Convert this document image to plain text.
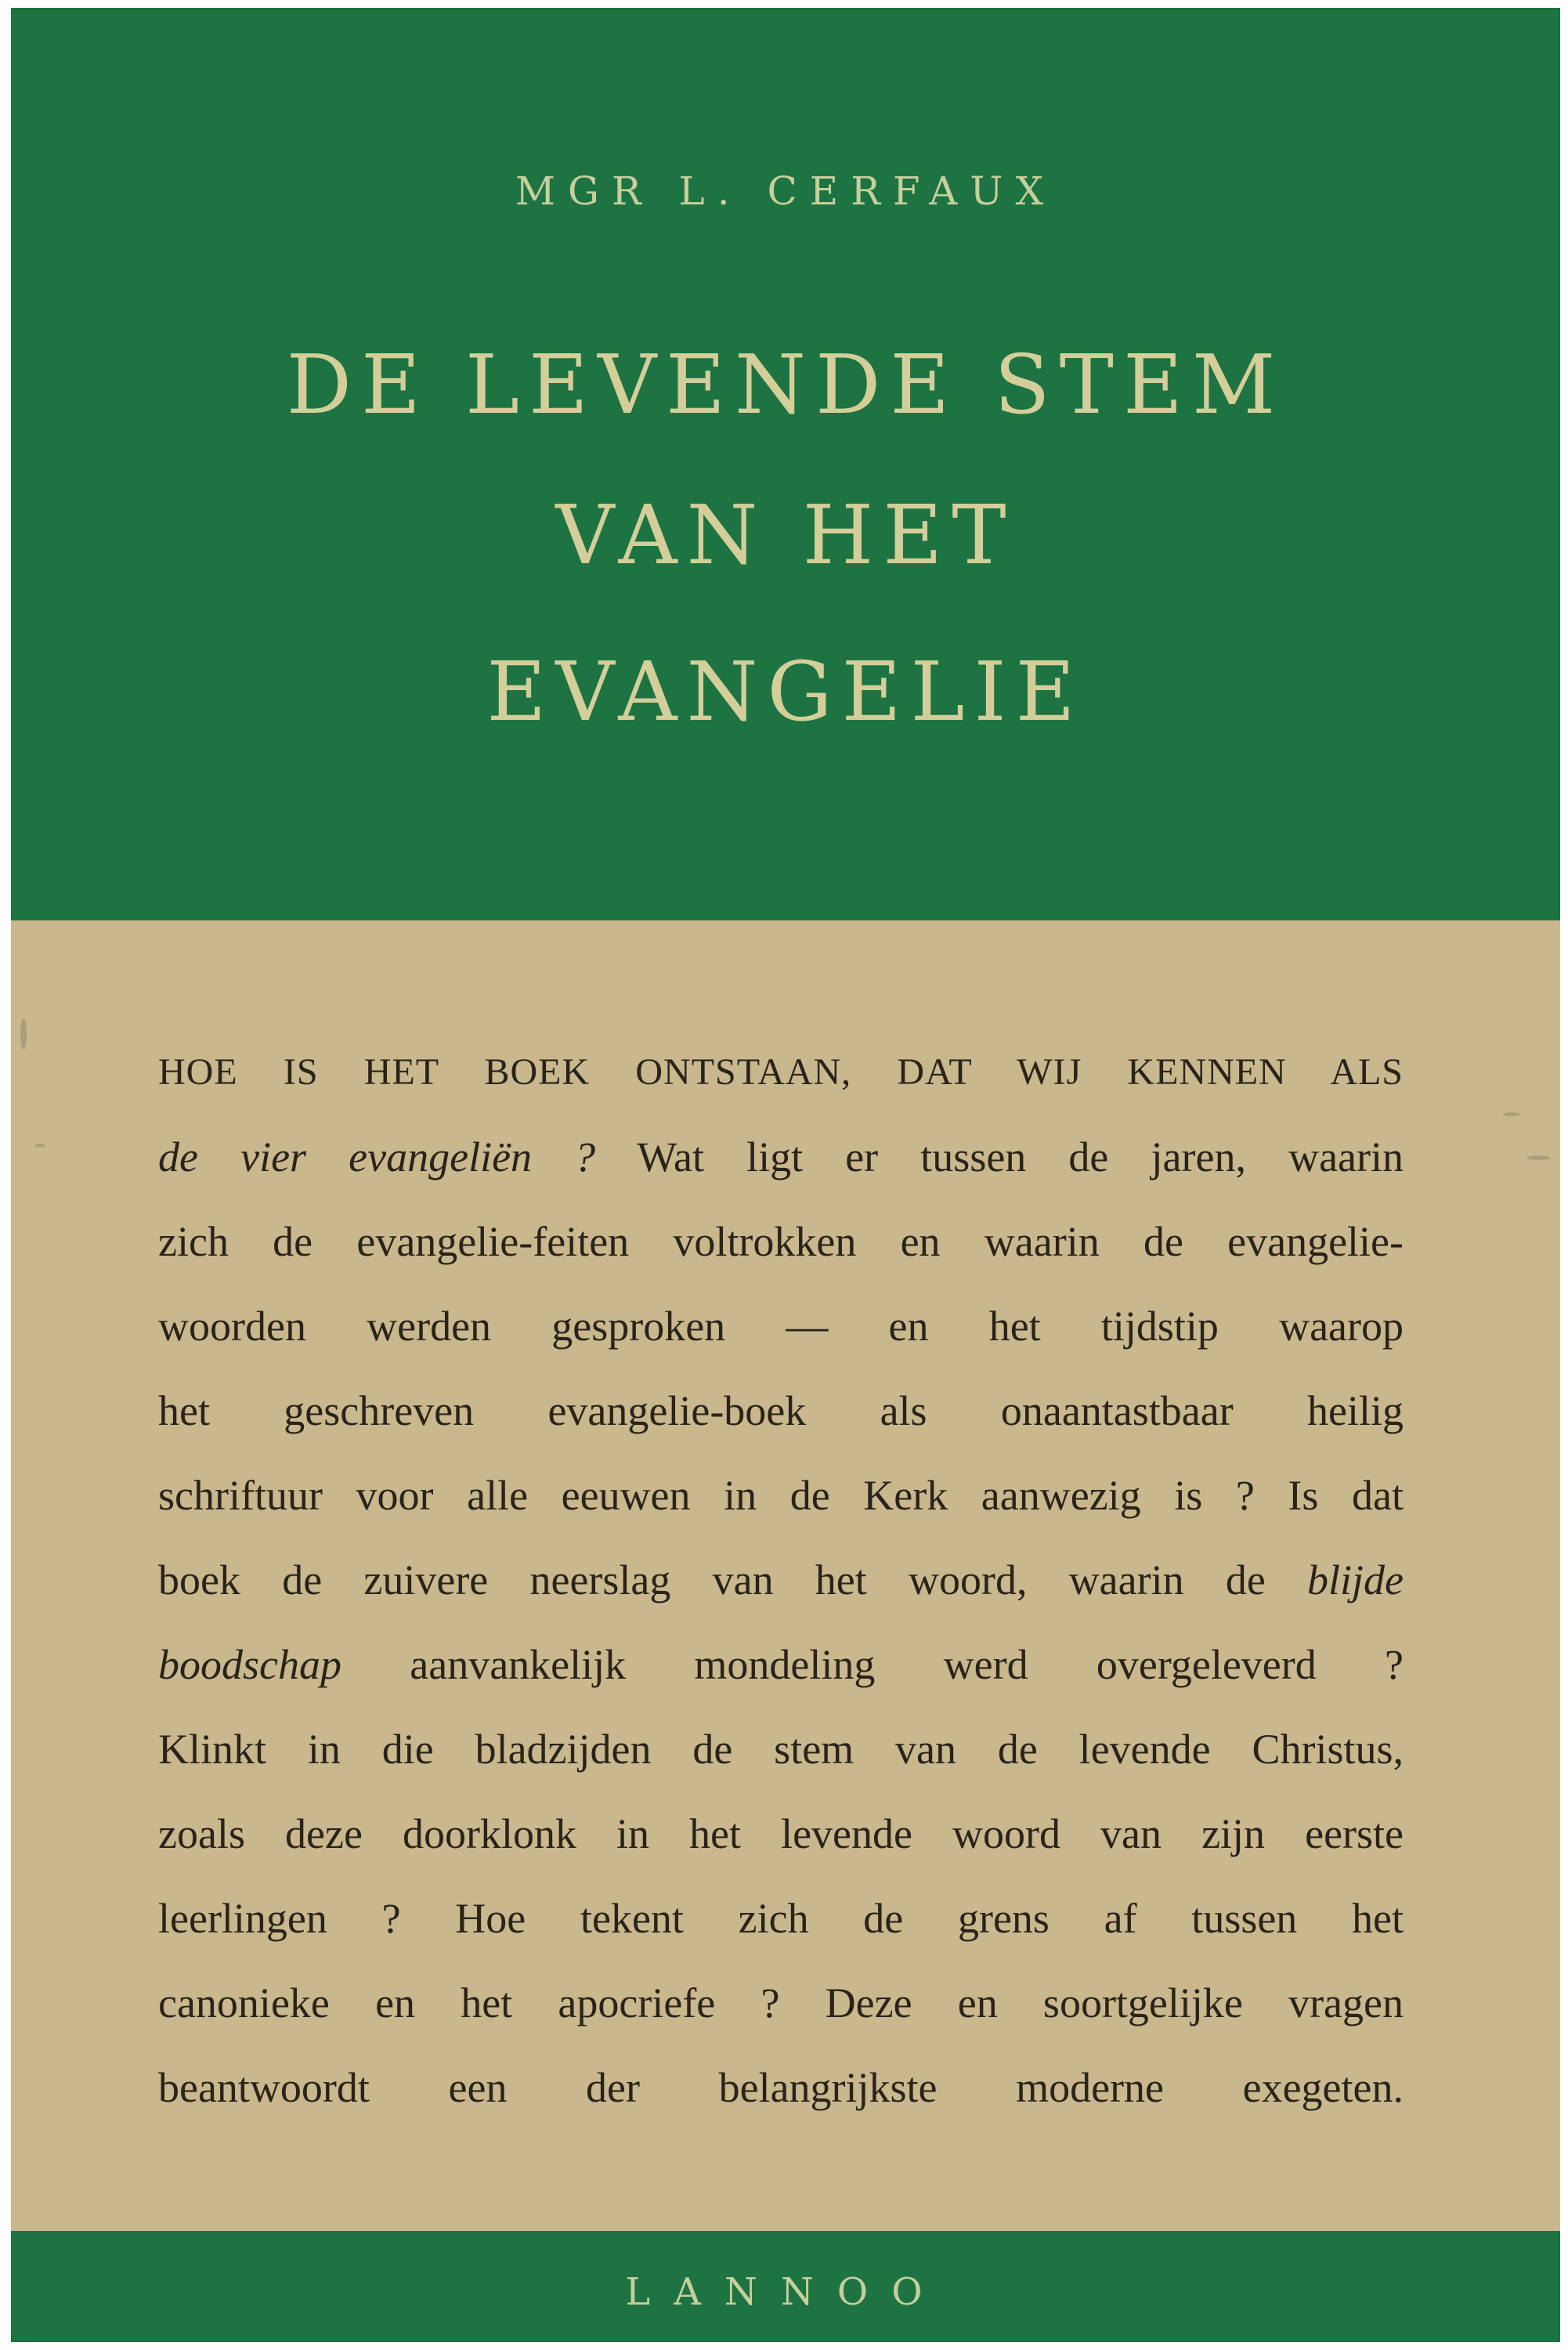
MGR L. CERFAUX
DE LEVENDE STEM
VAN HET
EVANGELIE
HOE IS HET BOEK ONTSTAAN, DAT WIJ KENNEN ALS
de vier evangeliën ? Wat ligt er tussen de jaren, waarin
zich de evangelie-feiten voltrokken en waarin de evangelie-
woorden werden gesproken — en het tijdstip waarop
het geschreven evangelie-boek als onaantastbaar heilig
schriftuur voor alle eeuwen in de Kerk aanwezig is ? Is dat
boek de zuivere neerslag van het woord, waarin de blijde
boodschap aanvankelijk mondeling werd overgeleverd ?
Klinkt in die bladzijden de stem van de levende Christus,
zoals deze doorklonk in het levende woord van zijn eerste
leerlingen ? Hoe tekent zich de grens af tussen het
canonieke en het apocriefe ? Deze en soortgelijke vragen
beantwoordt een der belangrijkste moderne exegeten.
LANNOO
